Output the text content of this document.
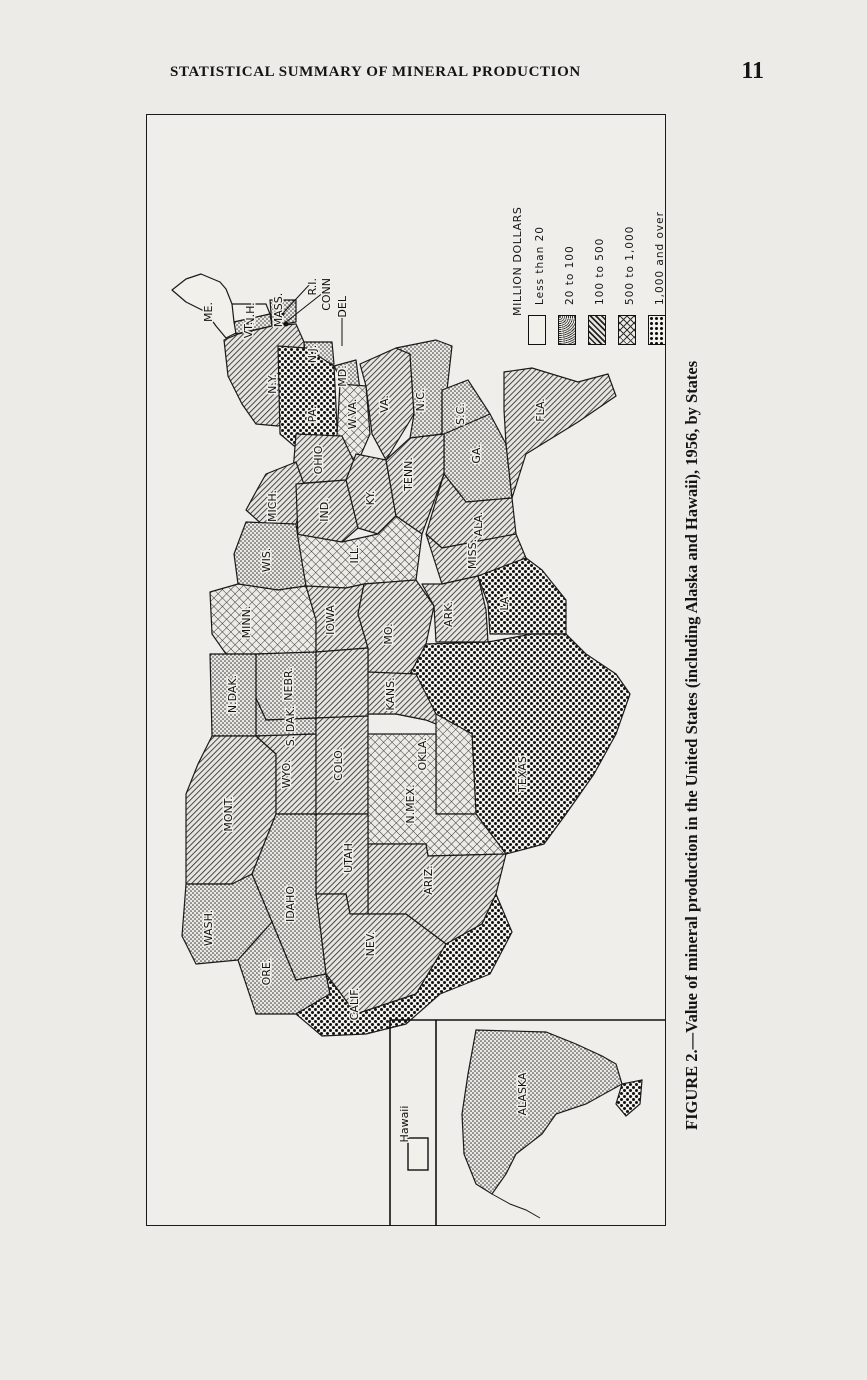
STATISTICAL SUMMARY OF MINERAL PRODUCTION	11
ME.	N.H.
VT.
MASS.
N.Y.
PA.
N.J.
MD.
W.VA. VA. N.C.
S.C.
GA.
FLA.
OHIO
KY.
TENN.
ALA.
MISS.
MICH.	IND.
ILL.
WIS.
MINN.	IOWA	MO.
ARK.	LA.
TEXAS
OKLA.
KANS.
NEBR.
S. DAK.
N.DAK.
MONT.
WYO.	COLO.
N.MEX.
ARIZ.
UTAH
NEV.
IDAHO
WASH.
ORE.
CALIF.
ALASKA
Hawaii
R.I. CONN DEL
FIGURE 2.—Value of mineral production in the United States (including Alaska and Hawaii), 1956, by States
MILLION DOLLARS Less than 20 20 to 100 100 to 500 500 to 1,000 1,000 and over
